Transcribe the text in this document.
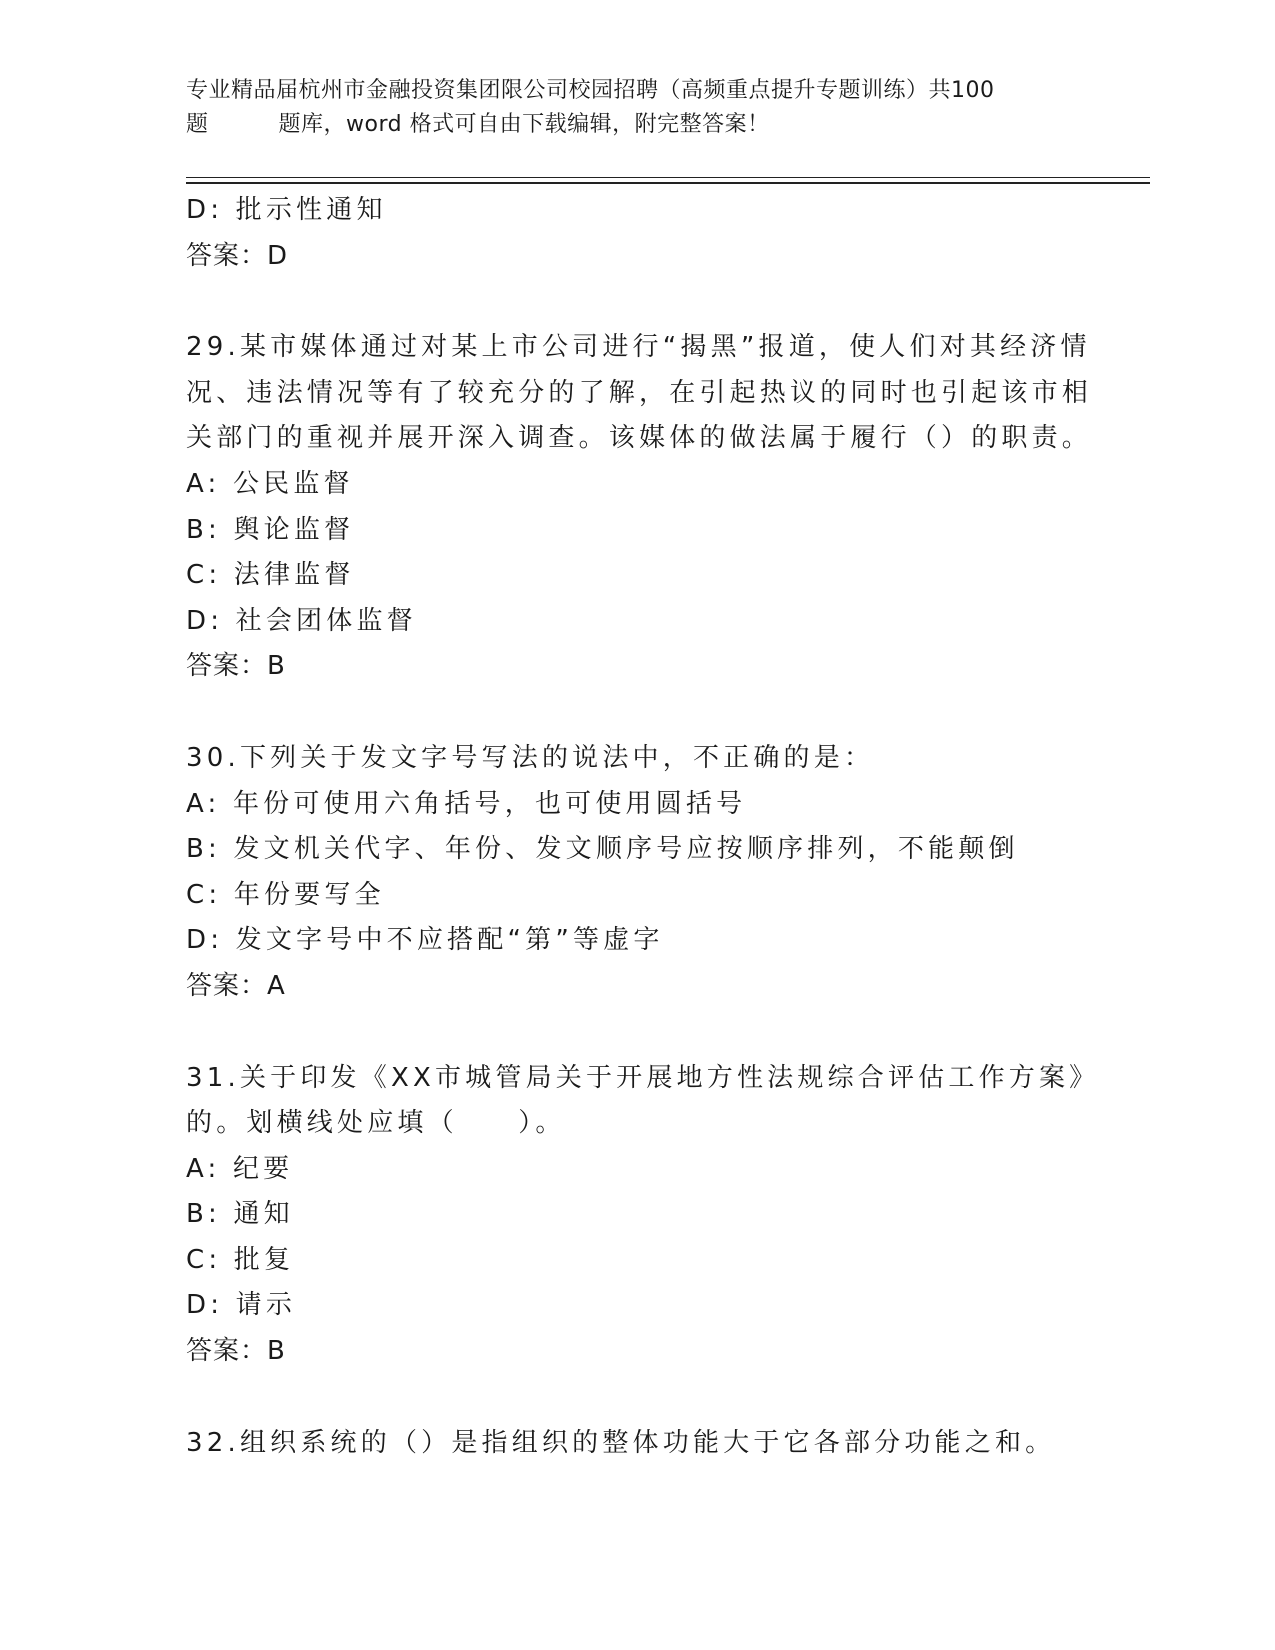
专业精品届杭州市金融投资集团限公司校园招聘（高频重点提升专题训练）共100
题	题库，word 格式可自由下载编辑，附完整答案！
D: 批示性通知
答案：D
29.某市媒体通过对某上市公司进行“揭黑”报道，使人们对其经济情
况、违法情况等有了较充分的了解，在引起热议的同时也引起该市相
关部门的重视并展开深入调查。该媒体的做法属于履行（）的职责。
A: 公民监督
B: 舆论监督
C: 法律监督
D: 社会团体监督
答案：B
30.下列关于发文字号写法的说法中，不正确的是：
A: 年份可使用六角括号，也可使用圆括号
B: 发文机关代字、年份、发文顺序号应按顺序排列，不能颠倒
C: 年份要写全
D: 发文字号中不应搭配“第”等虚字
答案：A
31.关于印发《XX市城管局关于开展地方性法规综合评估工作方案》
的。划横线处应填（　　）。
A: 纪要
B: 通知
C: 批复
D: 请示
答案：B
32.组织系统的（）是指组织的整体功能大于它各部分功能之和。
